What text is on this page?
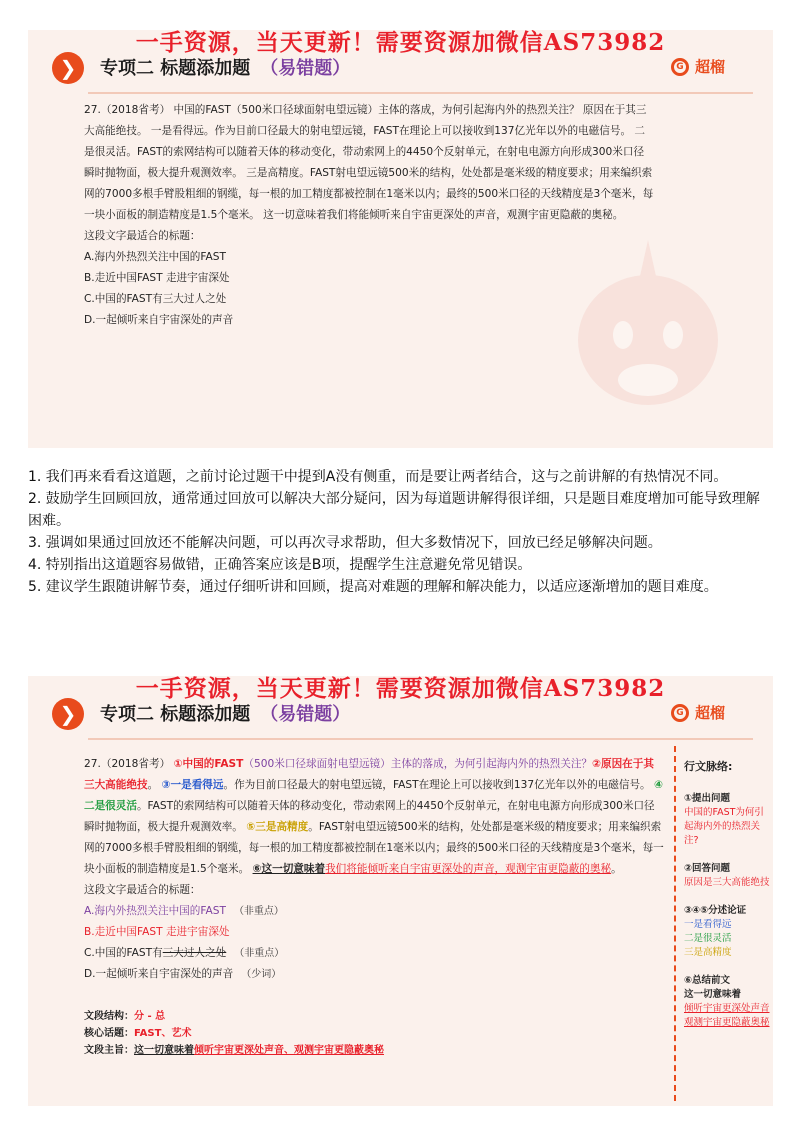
一手资源，当天更新！需要资源加微信AS73982
❯	专项二 标题添加题 （易错题）	G 超榴

27.（2018省考） 中国的FAST（500米口径球面射电望远镜）主体的落成，为何引起海内外的热烈关注？ 原因在于其三大高能绝技。 一是看得远。作为目前口径最大的射电望远镜，FAST在理论上可以接收到137亿光年以外的电磁信号。 二是很灵活。FAST的索网结构可以随着天体的移动变化，带动索网上的4450个反射单元，在射电电源方向形成300米口径瞬时抛物面，极大提升观测效率。 三是高精度。FAST射电望远镜500米的结构，处处都是毫米级的精度要求；用来编织索网的7000多根手臂股粗细的钢缆，每一根的加工精度都被控制在1毫米以内；最终的500米口径的天线精度是3个毫米，每一块小面板的制造精度是1.5个毫米。 这一切意味着我们将能倾听来自宇宙更深处的声音，观测宇宙更隐蔽的奥秘。

这段文字最适合的标题：

A.海内外热烈关注中国的FAST

B.走近中国FAST 走进宇宙深处

C.中国的FAST有三大过人之处

D.一起倾听来自宇宙深处的声音

1. 我们再来看看这道题，之前讨论过题干中提到A没有侧重，而是要让两者结合，这与之前讲解的有热情况不同。

2. 鼓励学生回顾回放，通常通过回放可以解决大部分疑问，因为每道题讲解得很详细，只是题目难度增加可能导致理解困难。

3. 强调如果通过回放还不能解决问题，可以再次寻求帮助，但大多数情况下，回放已经足够解决问题。

4. 特别指出这道题容易做错，正确答案应该是B项，提醒学生注意避免常见错误。

5. 建议学生跟随讲解节奏，通过仔细听讲和回顾，提高对难题的理解和解决能力，以适应逐渐增加的题目难度。

一手资源，当天更新！需要资源加微信AS73982
❯	专项二 标题添加题 （易错题）	G 超榴

27.（2018省考） ①中国的FAST（500米口径球面射电望远镜）主体的落成，为何引起海内外的热烈关注？②原因在于其三大高能绝技。 ③一是看得远。作为目前口径最大的射电望远镜，FAST在理论上可以接收到137亿光年以外的电磁信号。 ④二是很灵活。FAST的索网结构可以随着天体的移动变化，带动索网上的4450个反射单元，在射电电源方向形成300米口径瞬时抛物面，极大提升观测效率。 ⑤三是高精度。FAST射电望远镜500米的结构，处处都是毫米级的精度要求；用来编织索网的7000多根手臂股粗细的钢缆，每一根的加工精度都被控制在1毫米以内；最终的500米口径的天线精度是3个毫米，每一块小面板的制造精度是1.5个毫米。 ⑥这一切意味着我们将能倾听来自宇宙更深处的声音，观测宇宙更隐蔽的奥秘。

这段文字最适合的标题：

A.海内外热烈关注中国的FAST （非重点）

B.走近中国FAST 走进宇宙深处

C.中国的FAST有三大过人之处 （非重点）

D.一起倾听来自宇宙深处的声音 （少词）

文段结构：分 - 总
核心话题：FAST、艺术
文段主旨：这一切意味着倾听宇宙更深处声音、观测宇宙更隐蔽奥秘
行文脉络:
①提出问题
中国的FAST为何引起海内外的热烈关注?
②回答问题
原因是三大高能绝技
③④⑤分述论证
一是看得远
二是很灵活
三是高精度
⑥总结前文
这一切意味着
倾听宇宙更深处声音
观测宇宙更隐蔽奥秘
